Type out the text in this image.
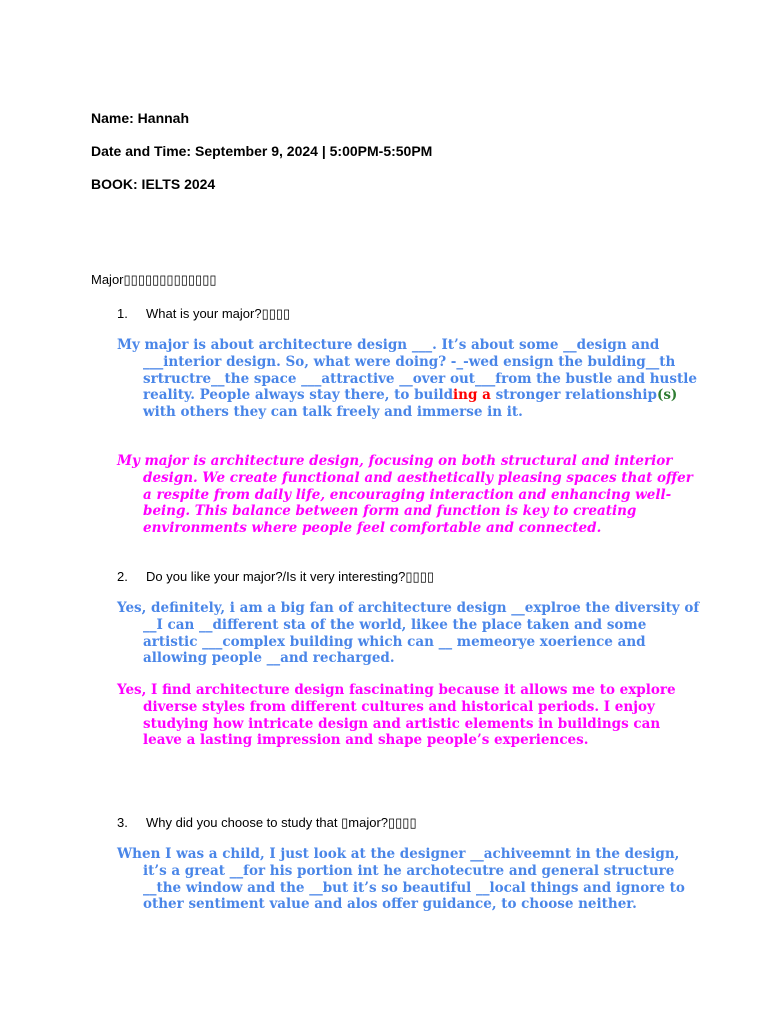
Name: Hannah
Date and Time: September 9, 2024 | 5:00PM-5:50PM
BOOK: IELTS 2024
Major▯▯▯▯▯▯▯▯▯▯▯▯▯
1. What is your major?▯▯▯▯
My major is about architecture design ___. It’s about some __design and ___interior design. So, what were doing? -_-wed ensign the bulding__th srtructre__the space ___attractive __over out___from the bustle and hustle reality. People always stay there, to building a stronger relationship(s) with others they can talk freely and immerse in it.
My major is architecture design, focusing on both structural and interior design. We create functional and aesthetically pleasing spaces that offer a respite from daily life, encouraging interaction and enhancing well-being. This balance between form and function is key to creating environments where people feel comfortable and connected.
2. Do you like your major?/Is it very interesting?▯▯▯▯
Yes, definitely, i am a big fan of architecture design __explroe the diversity of __I can __different sta of the world, likee the place taken and some artistic ___complex building which can __ memeorye xoerience and allowing people __and recharged.
Yes, I find architecture design fascinating because it allows me to explore diverse styles from different cultures and historical periods. I enjoy studying how intricate design and artistic elements in buildings can leave a lasting impression and shape people’s experiences.
3. Why did you choose to study that ▯major?▯▯▯▯
When I was a child, I just look at the designer __achiveemnt in the design, it’s a great __for his portion int he archotecutre and general structure __the window and the __but it’s so beautiful __local things and ignore to other sentiment value and alos offer guidance, to choose neither.
